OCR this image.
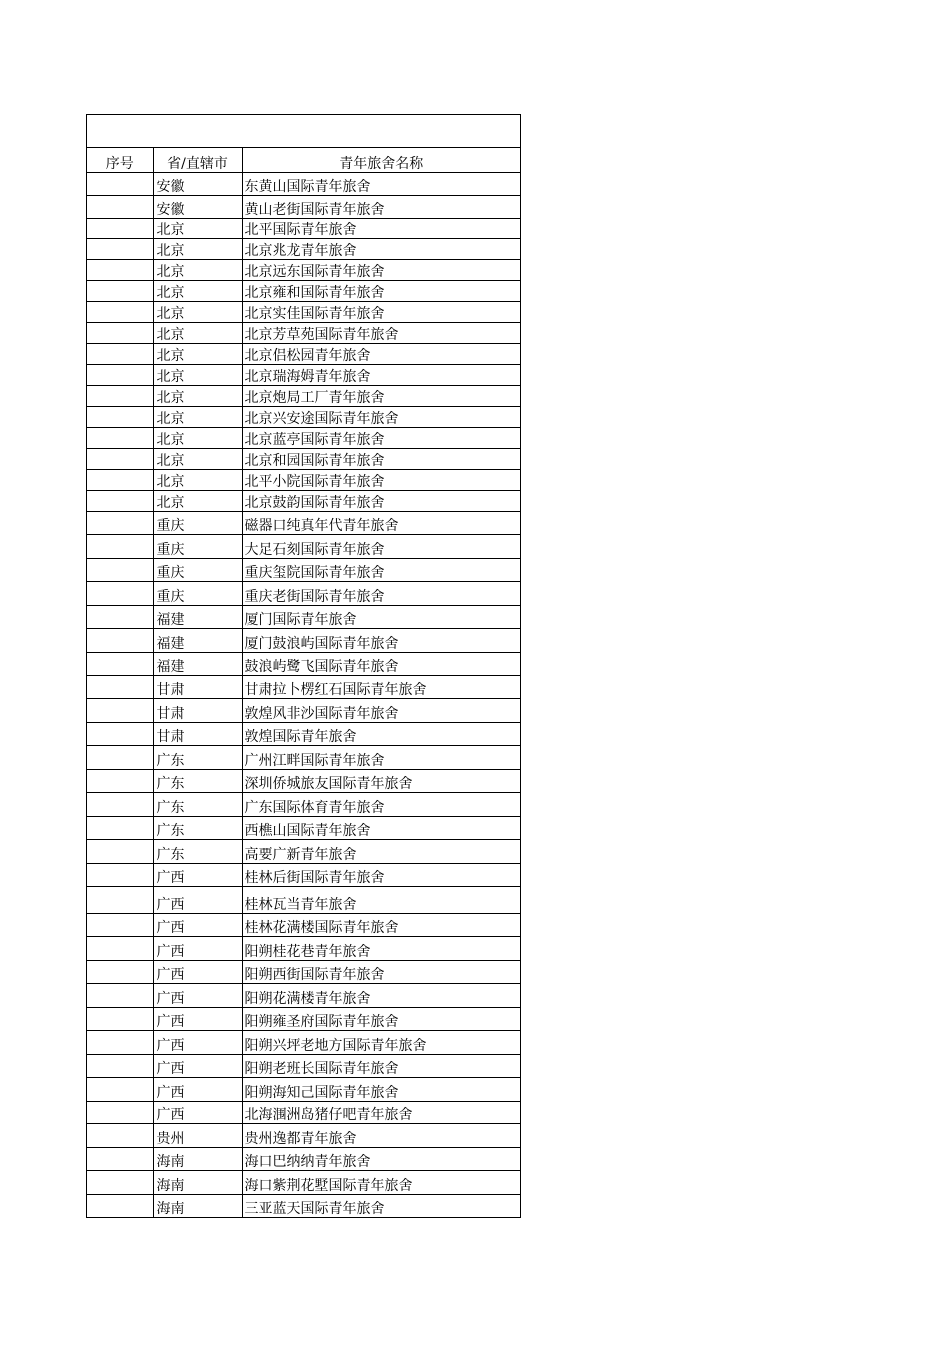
序号	省/直辖市	青年旅舍名称
	安徽	东黄山国际青年旅舍
	安徽	黄山老街国际青年旅舍
	北京	北平国际青年旅舍
	北京	北京兆龙青年旅舍
	北京	北京远东国际青年旅舍
	北京	北京雍和国际青年旅舍
	北京	北京实佳国际青年旅舍
	北京	北京芳草苑国际青年旅舍
	北京	北京侣松园青年旅舍
	北京	北京瑞海姆青年旅舍
	北京	北京炮局工厂青年旅舍
	北京	北京兴安途国际青年旅舍
	北京	北京蓝亭国际青年旅舍
	北京	北京和园国际青年旅舍
	北京	北平小院国际青年旅舍
	北京	北京鼓韵国际青年旅舍
	重庆	磁器口纯真年代青年旅舍
	重庆	大足石刻国际青年旅舍
	重庆	重庆玺院国际青年旅舍
	重庆	重庆老街国际青年旅舍
	福建	厦门国际青年旅舍
	福建	厦门鼓浪屿国际青年旅舍
	福建	鼓浪屿鹭飞国际青年旅舍
	甘肃	甘肃拉卜楞红石国际青年旅舍
	甘肃	敦煌风非沙国际青年旅舍
	甘肃	敦煌国际青年旅舍
	广东	广州江畔国际青年旅舍
	广东	深圳侨城旅友国际青年旅舍
	广东	广东国际体育青年旅舍
	广东	西樵山国际青年旅舍
	广东	高要广新青年旅舍
	广西	桂林后街国际青年旅舍
	广西	桂林瓦当青年旅舍
	广西	桂林花满楼国际青年旅舍
	广西	阳朔桂花巷青年旅舍
	广西	阳朔西街国际青年旅舍
	广西	阳朔花满楼青年旅舍
	广西	阳朔雍圣府国际青年旅舍
	广西	阳朔兴坪老地方国际青年旅舍
	广西	阳朔老班长国际青年旅舍
	广西	阳朔海知己国际青年旅舍
	广西	北海涠洲岛猪仔吧青年旅舍
	贵州	贵州逸都青年旅舍
	海南	海口巴纳纳青年旅舍
	海南	海口紫荆花墅国际青年旅舍
	海南	三亚蓝天国际青年旅舍
